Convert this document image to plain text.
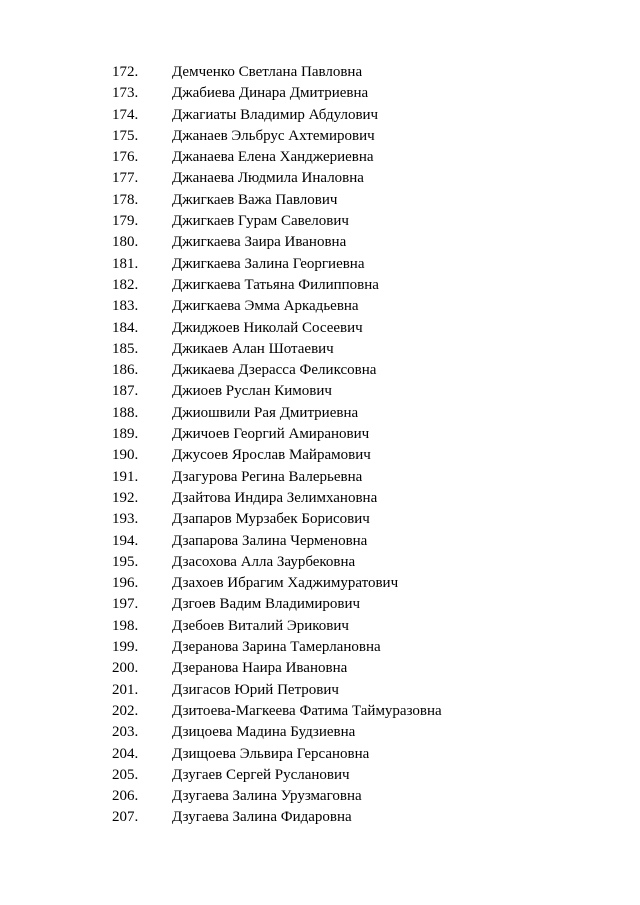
172. Демченко Светлана Павловна
173. Джабиева Динара Дмитриевна
174. Джагиаты Владимир Абдулович
175. Джанаев Эльбрус Ахтемирович
176. Джанаева Елена Ханджериевна
177. Джанаева Людмила Иналовна
178. Джигкаев Важа Павлович
179. Джигкаев Гурам Савелович
180. Джигкаева Заира Ивановна
181. Джигкаева Залина Георгиевна
182. Джигкаева Татьяна Филипповна
183. Джигкаева Эмма Аркадьевна
184. Джиджоев Николай Сосеевич
185. Джикаев Алан Шотаевич
186. Джикаева Дзерасса Феликсовна
187. Джиоев Руслан Кимович
188. Джиошвили Рая Дмитриевна
189. Джичоев Георгий Амиранович
190. Джусоев Ярослав Майрамович
191. Дзагурова Регина Валерьевна
192. Дзайтова Индира Зелимхановна
193. Дзапаров Мурзабек Борисович
194. Дзапарова Залина Черменовна
195. Дзасохова Алла Заурбековна
196. Дзахоев Ибрагим Хаджимуратович
197. Дзгоев Вадим Владимирович
198. Дзебоев Виталий Эрикович
199. Дзеранова Зарина Тамерлановна
200. Дзеранова Наира Ивановна
201. Дзигасов Юрий Петрович
202. Дзитоева-Магкеева Фатима Таймуразовна
203. Дзицоева Мадина Будзиевна
204. Дзищоева Эльвира Герсановна
205. Дзугаев Сергей Русланович
206. Дзугаева Залина Урузмаговна
207. Дзугаева Залина Фидаровна
